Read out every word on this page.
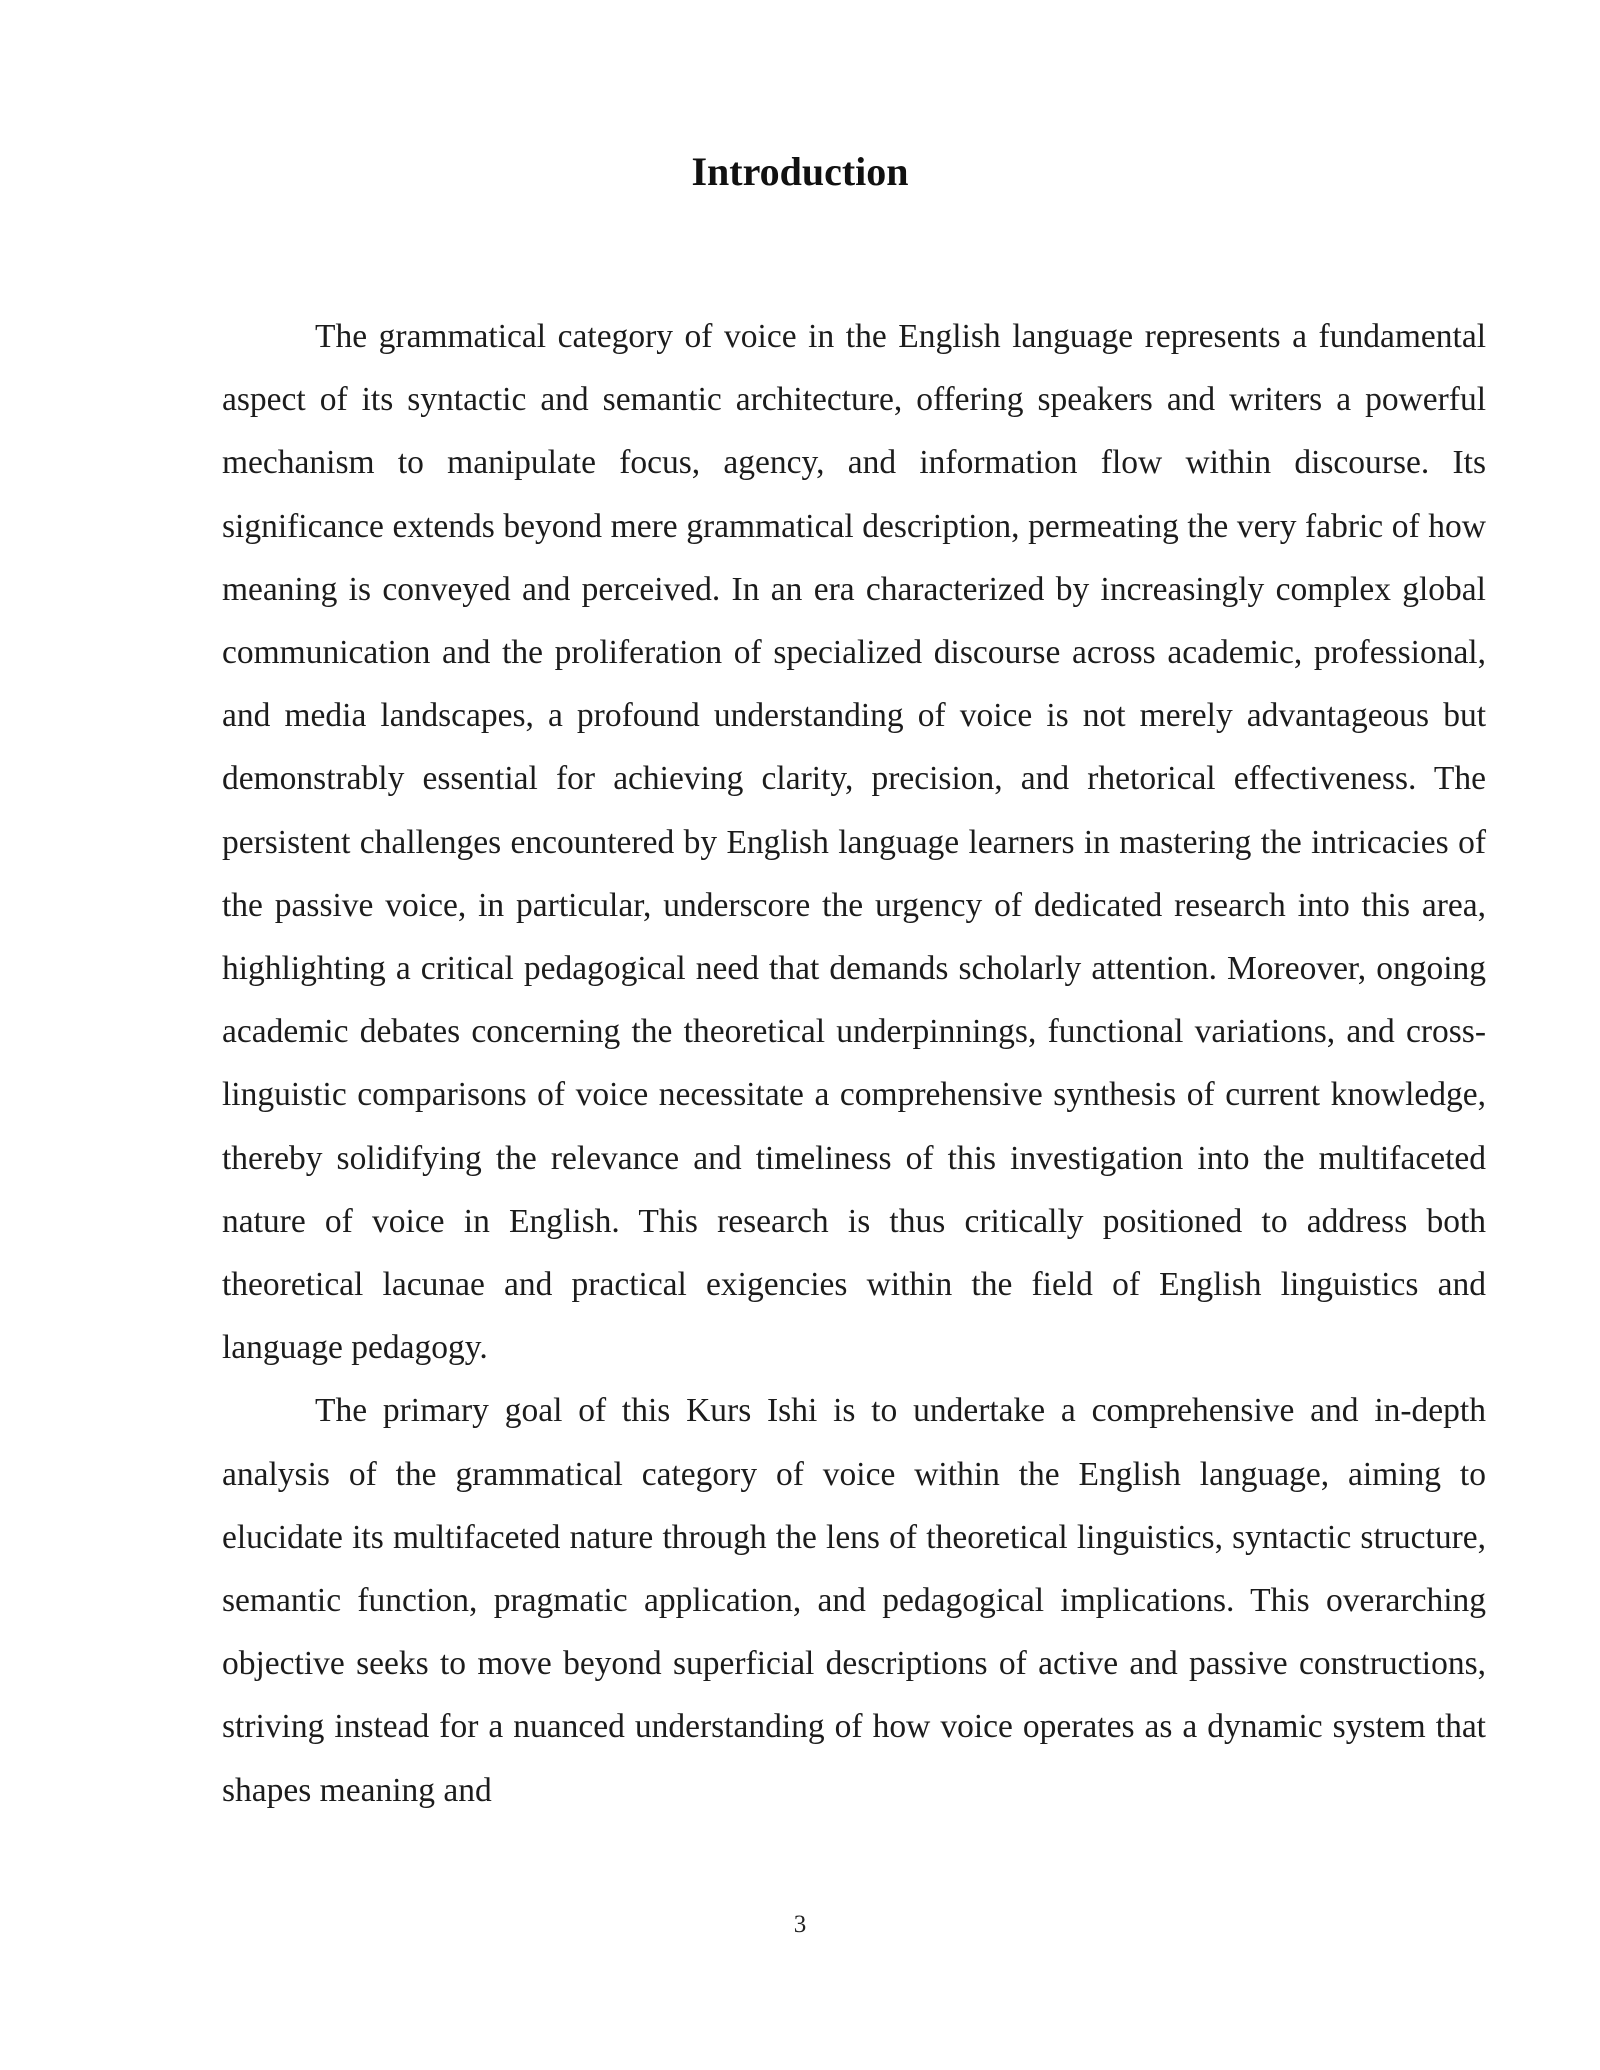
Introduction

The grammatical category of voice in the English language represents a fundamental aspect of its syntactic and semantic architecture, offering speakers and writers a powerful mechanism to manipulate focus, agency, and information flow within discourse. Its significance extends beyond mere grammatical description, permeating the very fabric of how meaning is conveyed and perceived. In an era characterized by increasingly complex global communication and the proliferation of specialized discourse across academic, professional, and media landscapes, a profound understanding of voice is not merely advantageous but demonstrably essential for achieving clarity, precision, and rhetorical effectiveness. The persistent challenges encountered by English language learners in mastering the intricacies of the passive voice, in particular, underscore the urgency of dedicated research into this area, highlighting a critical pedagogical need that demands scholarly attention. Moreover, ongoing academic debates concerning the theoretical underpinnings, functional variations, and cross-linguistic comparisons of voice necessitate a comprehensive synthesis of current knowledge, thereby solidifying the relevance and timeliness of this investigation into the multifaceted nature of voice in English. This research is thus critically positioned to address both theoretical lacunae and practical exigencies within the field of English linguistics and language pedagogy.

The primary goal of this Kurs Ishi is to undertake a comprehensive and in-depth analysis of the grammatical category of voice within the English language, aiming to elucidate its multifaceted nature through the lens of theoretical linguistics, syntactic structure, semantic function, pragmatic application, and pedagogical implications. This overarching objective seeks to move beyond superficial descriptions of active and passive constructions, striving instead for a nuanced understanding of how voice operates as a dynamic system that shapes meaning and

3
